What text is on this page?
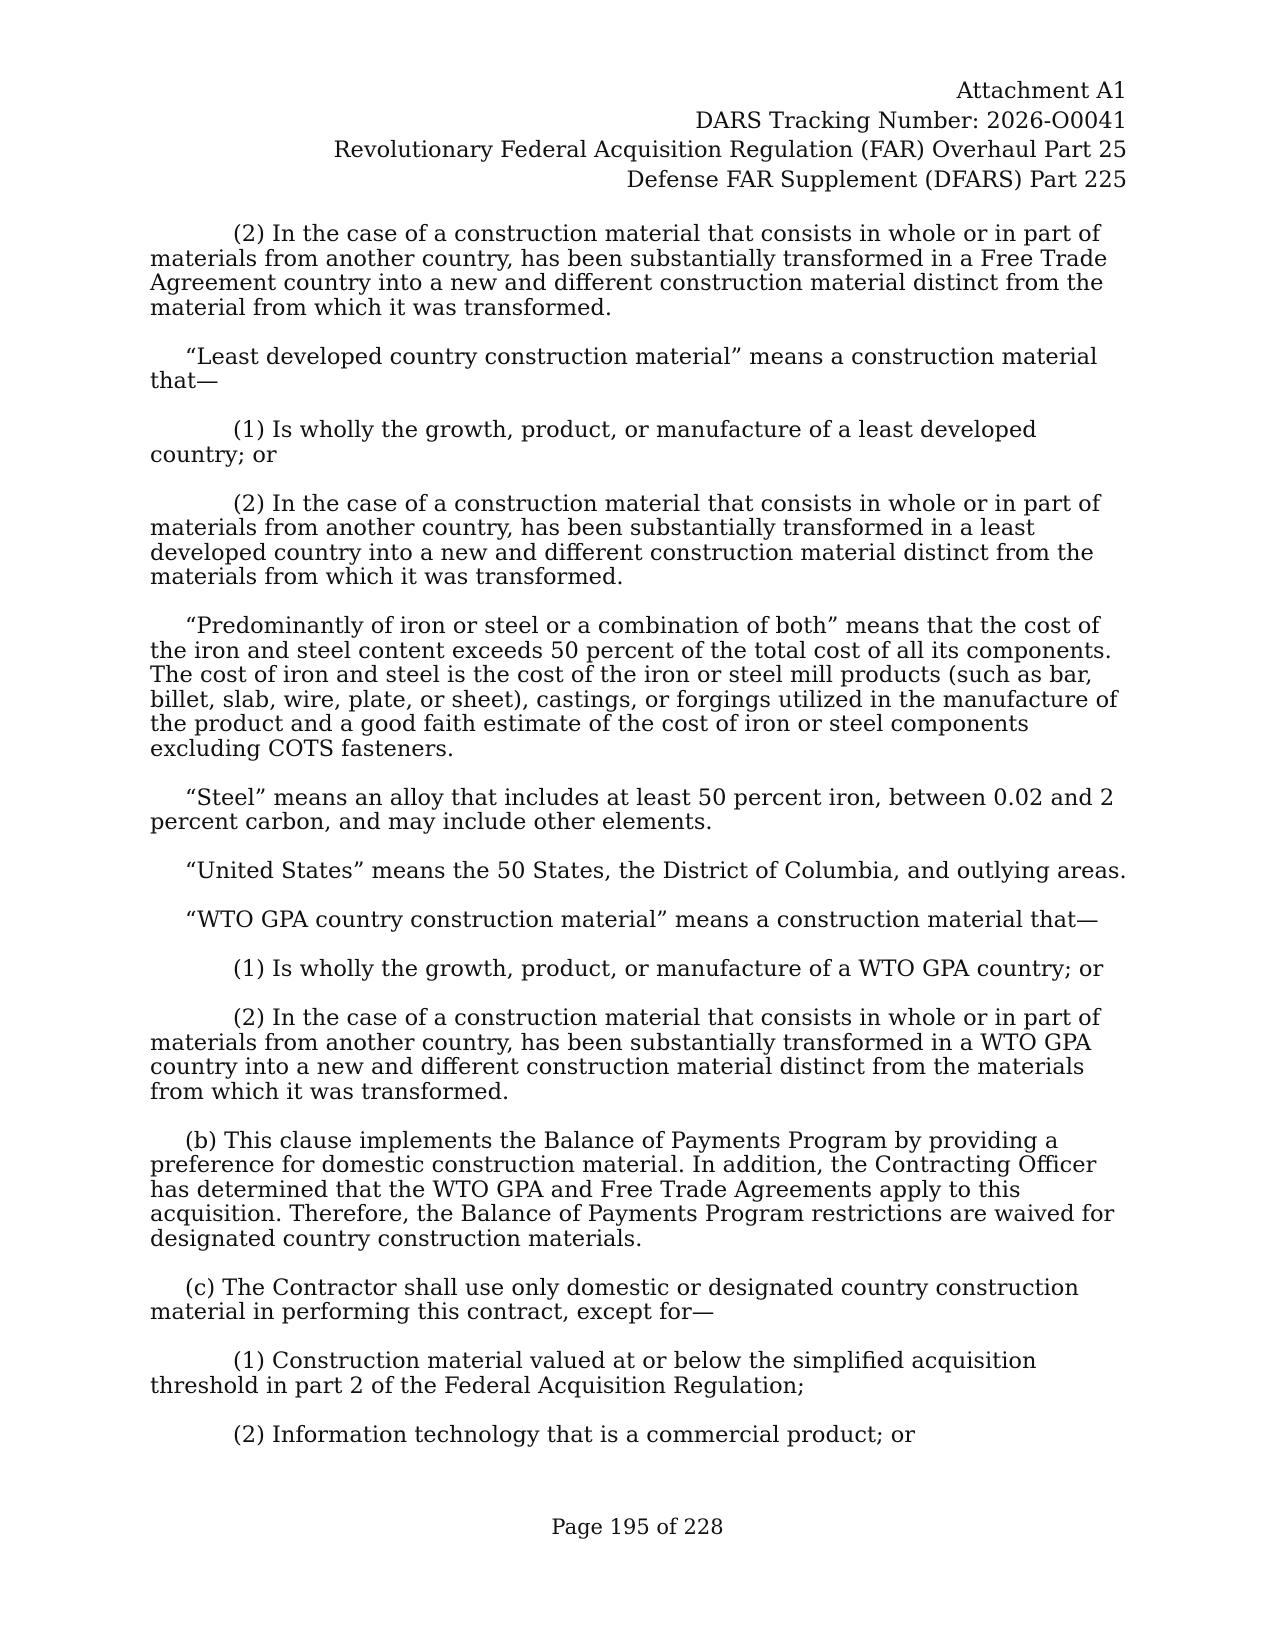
Attachment A1
DARS Tracking Number: 2026-O0041
Revolutionary Federal Acquisition Regulation (FAR) Overhaul Part 25
Defense FAR Supplement (DFARS) Part 225

(2) In the case of a construction material that consists in whole or in part of materials from another country, has been substantially transformed in a Free Trade Agreement country into a new and different construction material distinct from the material from which it was transformed.

“Least developed country construction material” means a construction material that—

(1) Is wholly the growth, product, or manufacture of a least developed country; or

(2) In the case of a construction material that consists in whole or in part of materials from another country, has been substantially transformed in a least developed country into a new and different construction material distinct from the materials from which it was transformed.

“Predominantly of iron or steel or a combination of both” means that the cost of the iron and steel content exceeds 50 percent of the total cost of all its components. The cost of iron and steel is the cost of the iron or steel mill products (such as bar, billet, slab, wire, plate, or sheet), castings, or forgings utilized in the manufacture of the product and a good faith estimate of the cost of iron or steel components excluding COTS fasteners.

“Steel” means an alloy that includes at least 50 percent iron, between 0.02 and 2 percent carbon, and may include other elements.

“United States” means the 50 States, the District of Columbia, and outlying areas.

“WTO GPA country construction material” means a construction material that—

(1) Is wholly the growth, product, or manufacture of a WTO GPA country; or

(2) In the case of a construction material that consists in whole or in part of materials from another country, has been substantially transformed in a WTO GPA country into a new and different construction material distinct from the materials from which it was transformed.

(b) This clause implements the Balance of Payments Program by providing a preference for domestic construction material. In addition, the Contracting Officer has determined that the WTO GPA and Free Trade Agreements apply to this acquisition. Therefore, the Balance of Payments Program restrictions are waived for designated country construction materials.

(c) The Contractor shall use only domestic or designated country construction material in performing this contract, except for—

(1) Construction material valued at or below the simplified acquisition threshold in part 2 of the Federal Acquisition Regulation;

(2) Information technology that is a commercial product; or

Page 195 of 228
